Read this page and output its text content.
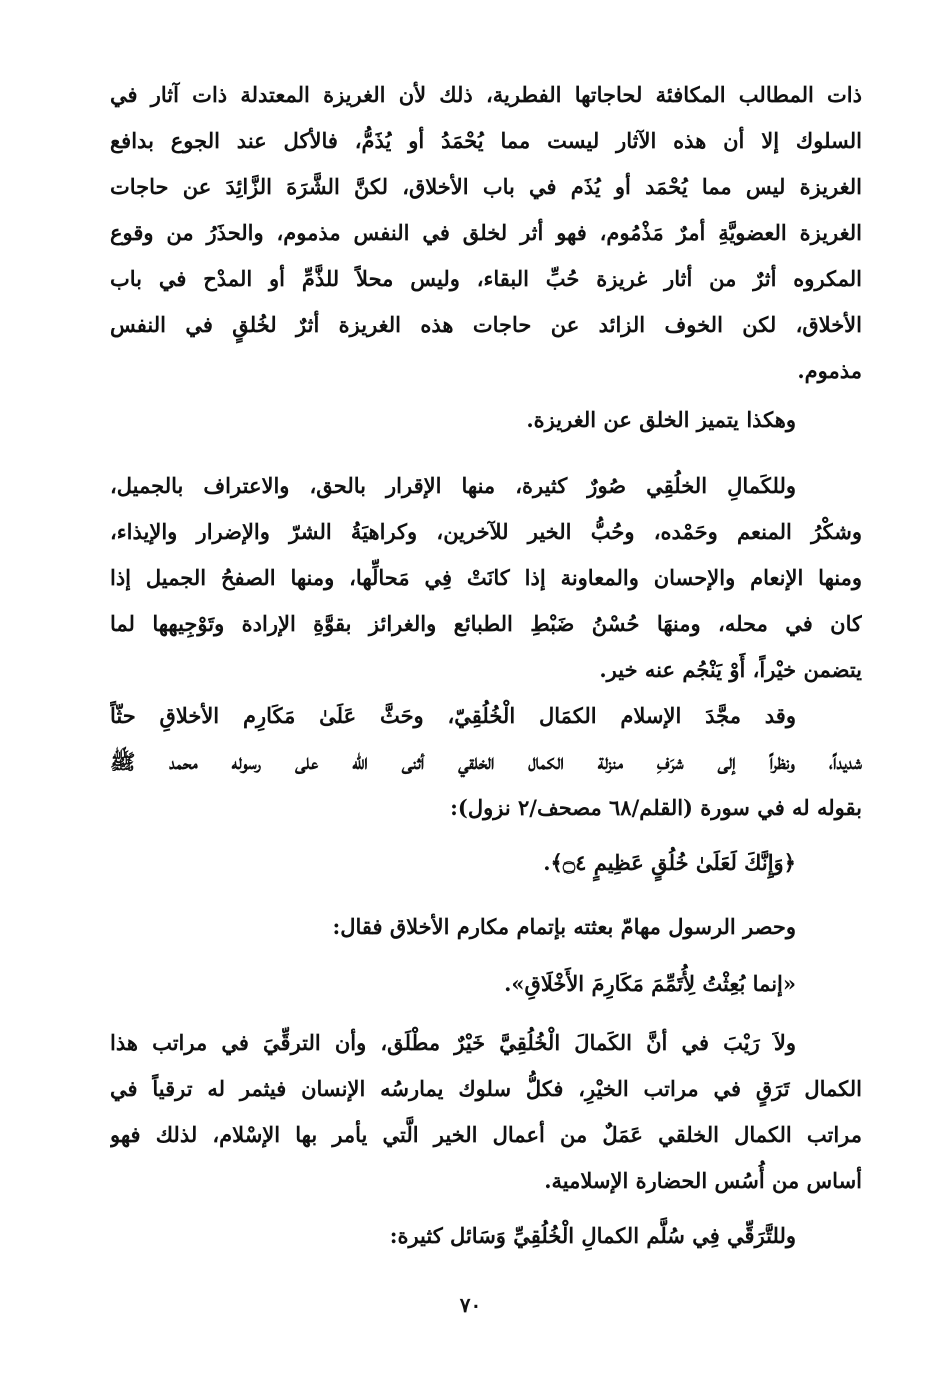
ذات المطالب المكافئة لحاجاتها الفطرية، ذلك لأن الغريزة المعتدلة ذات آثار في
السلوك إلا أن هذه الآثار ليست مما يُحْمَدُ أو يُذَمُّ، فالأكل عند الجوع بدافع
الغريزة ليس مما يُحْمَد أو يُذَم في باب الأخلاق، لكنَّ الشَّرَهَ الزَّائِدَ عن حاجات
الغريزة العضويَّةِ أمرٌ مَذْمُوم، فهو أثر لخلق في النفس مذموم، والحذَرُ من وقوع
المكروه أثرٌ من أثار غريزة حُبِّ البقاء، وليس محلاً للذَّمِّ أو المدْح في باب
الأخلاق، لكن الخوف الزائد عن حاجات هذه الغريزة أثرٌ لخُلقٍ في النفس
مذموم.
وهكذا يتميز الخلق عن الغريزة.
وللكَمالِ الخلُقِي صُورٌ كثيرة، منها الإقرار بالحق، والاعتراف بالجميل،
وشكْرُ المنعم وحَمْده، وحُبُّ الخير للآخرين، وكراهيَةُ الشرّ والإضرار والإيذاء،
ومنها الإنعام والإحسان والمعاونة إذا كانَتْ فِي مَحالِّها، ومنها الصفحُ الجميل إذا
كان في محله، ومنهَا حُسْنُ ضَبْطِ الطبائع والغرائز بقوَّةِ الإرادة وتَوْجِيهها لما
يتضمن خيْراً، أَوْ يَنْجُم عنه خير.
وقد مجَّدَ الإسلام الكمَال الْخُلُقِيّ، وحَثَّ عَلَىٰ مَكَارِم الأخلاقِ حثّاً
شديداً، ونظراً إلى شرَفِ منزلة الكمال الخلقي أثنى الله على رسوله محمد ﷺ
بقوله له في سورة (القلم/٦٨ مصحف/٢ نزول):
﴿وَإِنَّكَ لَعَلَىٰ خُلُقٍ عَظِيمٍ ۝٤﴾.
وحصر الرسول مهامّ بعثته بإتمام مكارم الأخلاق فقال:
«إنما بُعِثْتُ لِأُتَمِّمَ مَكَارِمَ الأَخْلَاقِ».
ولاَ رَيْبَ في أنَّ الكَمالَ الْخُلُقِيَّ خَيْرٌ مطْلَق، وأن الترقِّيَ في مراتب هذا
الكمال تَرَقٍ في مراتب الخيْرِ، فكلُّ سلوك يمارسُه الإنسان فيثمر له ترقياً في
مراتب الكمال الخلقي عَمَلٌ من أعمال الخير الَّتي يأمر بها الإسْلام، لذلك فهو
أساس من أُسُس الحضارة الإسلامية.
وللتَّرَقِّي فِي سُلَّم الكمالِ الْخُلُقِيِّ وَسَائل كثيرة:
٧٠
